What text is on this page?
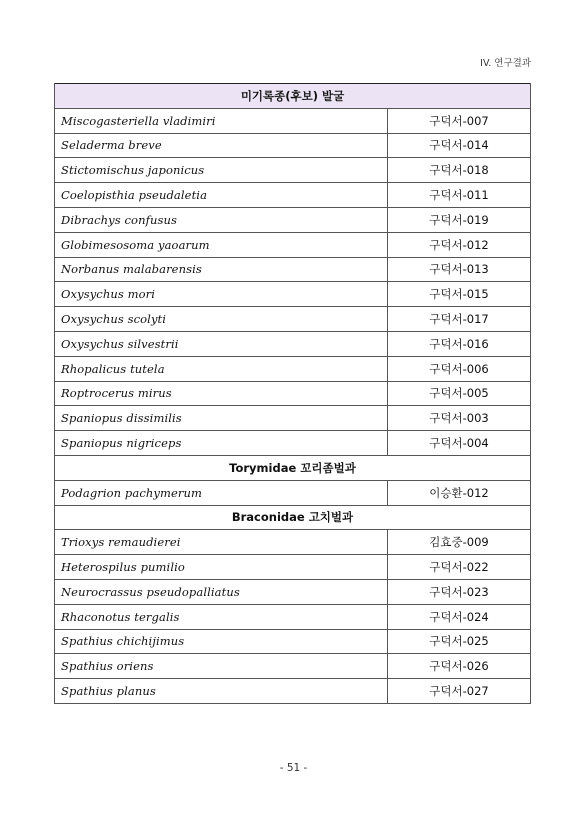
IV. 연구결과
미기록종(후보) 발굴	
Miscogasteriella vladimiri	구덕서-007
Seladerma breve	구덕서-014
Stictomischus japonicus	구덕서-018
Coelopisthia pseudaletia	구덕서-011
Dibrachys confusus	구덕서-019
Globimesosoma yaoarum	구덕서-012
Norbanus malabarensis	구덕서-013
Oxysychus mori	구덕서-015
Oxysychus scolyti	구덕서-017
Oxysychus silvestrii	구덕서-016
Rhopalicus tutela	구덕서-006
Roptrocerus mirus	구덕서-005
Spaniopus dissimilis	구덕서-003
Spaniopus nigriceps	구덕서-004
Torymidae 꼬리좀벌과	
Podagrion pachymerum	이승환-012
Braconidae 고치벌과	
Trioxys remaudierei	김효중-009
Heterospilus pumilio	구덕서-022
Neurocrassus pseudopalliatus	구덕서-023
Rhaconotus tergalis	구덕서-024
Spathius chichijimus	구덕서-025
Spathius oriens	구덕서-026
Spathius planus	구덕서-027
- 51 -
